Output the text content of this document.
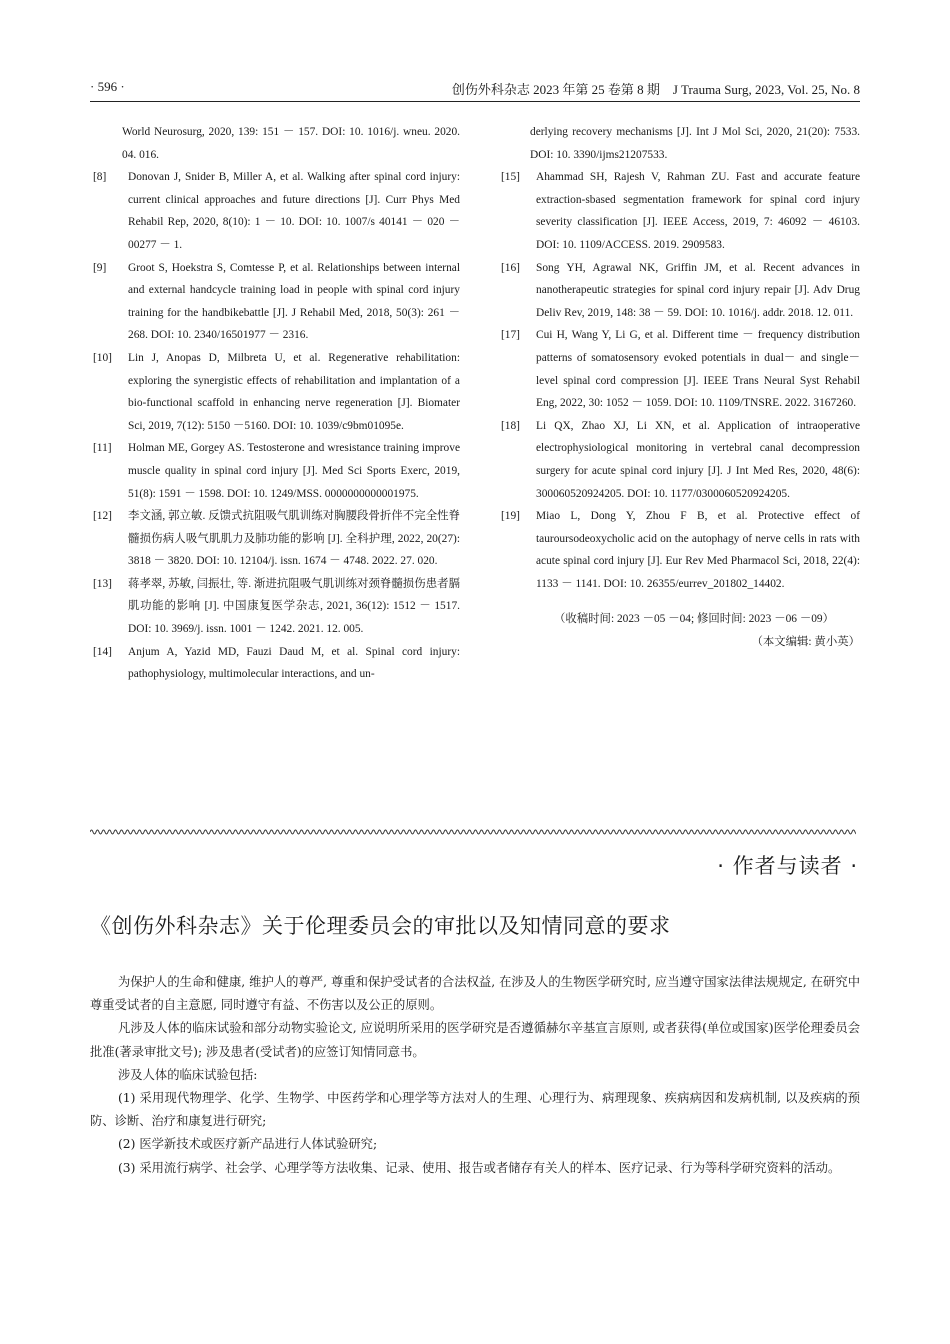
· 596 ·	创伤外科杂志 2023 年第 25 卷第 8 期　J Trauma Surg, 2023, Vol. 25, No. 8
World Neurosurg, 2020, 139: 151 － 157. DOI: 10. 1016/j. wneu. 2020. 04. 016.
[8] Donovan J, Snider B, Miller A, et al. Walking after spinal cord injury: current clinical approaches and future directions [J]. Curr Phys Med Rehabil Rep, 2020, 8(10): 1 － 10. DOI: 10. 1007/s 40141 － 020 － 00277 － 1.
[9] Groot S, Hoekstra S, Comtesse P, et al. Relationships between internal and external handcycle training load in people with spinal cord injury training for the handbikebattle [J]. J Rehabil Med, 2018, 50(3): 261 － 268. DOI: 10. 2340/16501977 － 2316.
[10] Lin J, Anopas D, Milbreta U, et al. Regenerative rehabilitation: exploring the synergistic effects of rehabilitation and implantation of a bio-functional scaffold in enhancing nerve regeneration [J]. Biomater Sci, 2019, 7(12): 5150 －5160. DOI: 10. 1039/c9bm01095e.
[11] Holman ME, Gorgey AS. Testosterone and wresistance training improve muscle quality in spinal cord injury [J]. Med Sci Sports Exerc, 2019, 51(8): 1591 － 1598. DOI: 10. 1249/MSS. 0000000000001975.
[12] 李文涵, 郭立敏. 反馈式抗阻吸气肌训练对胸腰段骨折伴不完全性脊髓损伤病人吸气肌肌力及肺功能的影响 [J]. 全科护理, 2022, 20(27): 3818 － 3820. DOI: 10. 12104/j. issn. 1674 － 4748. 2022. 27. 020.
[13] 蒋孝翠, 苏敏, 闫振壮, 等. 渐进抗阻吸气肌训练对颈脊髓损伤患者膈肌功能的影响 [J]. 中国康复医学杂志, 2021, 36(12): 1512 － 1517. DOI: 10. 3969/j. issn. 1001 － 1242. 2021. 12. 005.
[14] Anjum A, Yazid MD, Fauzi Daud M, et al. Spinal cord injury: pathophysiology, multimolecular interactions, and un-
derlying recovery mechanisms [J]. Int J Mol Sci, 2020, 21(20): 7533. DOI: 10. 3390/ijms21207533.
[15] Ahammad SH, Rajesh V, Rahman ZU. Fast and accurate feature extraction-sbased segmentation framework for spinal cord injury severity classification [J]. IEEE Access, 2019, 7: 46092 － 46103. DOI: 10. 1109/ACCESS. 2019. 2909583.
[16] Song YH, Agrawal NK, Griffin JM, et al. Recent advances in nanotherapeutic strategies for spinal cord injury repair [J]. Adv Drug Deliv Rev, 2019, 148: 38 － 59. DOI: 10. 1016/j. addr. 2018. 12. 011.
[17] Cui H, Wang Y, Li G, et al. Different time － frequency distribution patterns of somatosensory evoked potentials in dual－ and single－level spinal cord compression [J]. IEEE Trans Neural Syst Rehabil Eng, 2022, 30: 1052 － 1059. DOI: 10. 1109/TNSRE. 2022. 3167260.
[18] Li QX, Zhao XJ, Li XN, et al. Application of intraoperative electrophysiological monitoring in vertebral canal decompression surgery for acute spinal cord injury [J]. J Int Med Res, 2020, 48(6): 300060520924205. DOI: 10. 1177/0300060520924205.
[19] Miao L, Dong Y, Zhou F B, et al. Protective effect of tauroursodeoxycholic acid on the autophagy of nerve cells in rats with acute spinal cord injury [J]. Eur Rev Med Pharmacol Sci, 2018, 22(4): 1133 － 1141. DOI: 10. 26355/eurrev_201802_14402.
（收稿时间: 2023 －05 －04; 修回时间: 2023 －06 －09）
（本文编辑: 黄小英）
· 作者与读者 ·
《创伤外科杂志》关于伦理委员会的审批以及知情同意的要求

为保护人的生命和健康, 维护人的尊严, 尊重和保护受试者的合法权益, 在涉及人的生物医学研究时, 应当遵守国家法律法规规定, 在研究中尊重受试者的自主意愿, 同时遵守有益、不伤害以及公正的原则。

凡涉及人体的临床试验和部分动物实验论文, 应说明所采用的医学研究是否遵循赫尔辛基宣言原则, 或者获得(单位或国家)医学伦理委员会批准(著录审批文号); 涉及患者(受试者)的应签订知情同意书。

涉及人体的临床试验包括:

(1) 采用现代物理学、化学、生物学、中医药学和心理学等方法对人的生理、心理行为、病理现象、疾病病因和发病机制, 以及疾病的预防、诊断、治疗和康复进行研究;

(2) 医学新技术或医疗新产品进行人体试验研究;

(3) 采用流行病学、社会学、心理学等方法收集、记录、使用、报告或者储存有关人的样本、医疗记录、行为等科学研究资料的活动。
